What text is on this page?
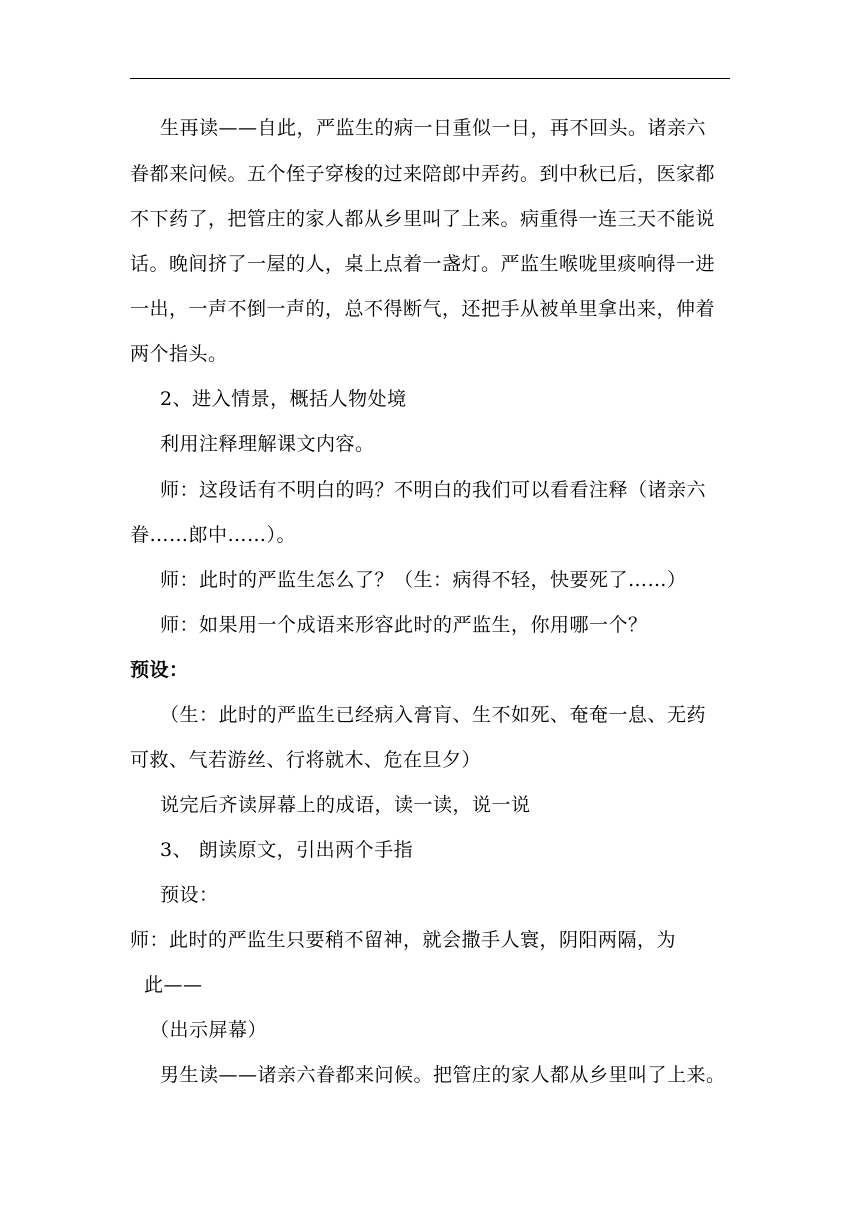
生再读——自此，严监生的病一日重似一日，再不回头。诸亲六
眷都来问候。五个侄子穿梭的过来陪郎中弄药。到中秋已后，医家都
不下药了，把管庄的家人都从乡里叫了上来。病重得一连三天不能说
话。晚间挤了一屋的人，桌上点着一盏灯。严监生喉咙里痰响得一进
一出，一声不倒一声的，总不得断气，还把手从被单里拿出来，伸着
两个指头。
2、进入情景，概括人物处境
利用注释理解课文内容。
师：这段话有不明白的吗？不明白的我们可以看看注释（诸亲六
眷……郎中……）。
师：此时的严监生怎么了？（生：病得不轻，快要死了……）
师：如果用一个成语来形容此时的严监生，你用哪一个？
预设：
（生：此时的严监生已经病入膏肓、生不如死、奄奄一息、无药
可救、气若游丝、行将就木、危在旦夕）
说完后齐读屏幕上的成语，读一读，说一说
3、 朗读原文，引出两个手指
预设：
师：此时的严监生只要稍不留神，就会撒手人寰，阴阳两隔，为
此——
（出示屏幕）
男生读——诸亲六眷都来问候。把管庄的家人都从乡里叫了上来。
